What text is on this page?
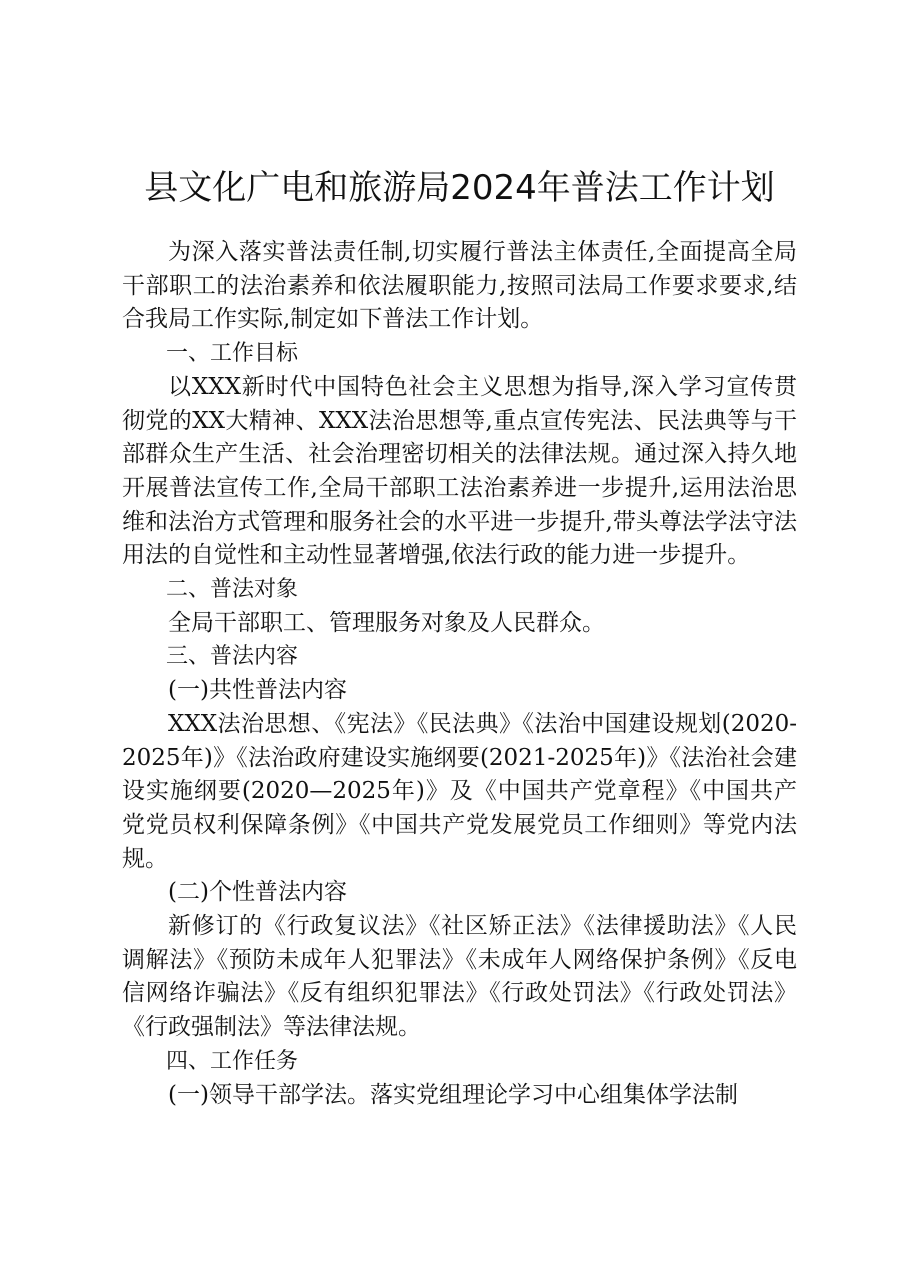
县文化广电和旅游局2024年普法工作计划

为深入落实普法责任制,切实履行普法主体责任,全面提高全局干部职工的法治素养和依法履职能力,按照司法局工作要求要求,结合我局工作实际,制定如下普法工作计划。

一、工作目标

以XXX新时代中国特色社会主义思想为指导,深入学习宣传贯彻党的XX大精神、XXX法治思想等,重点宣传宪法、民法典等与干部群众生产生活、社会治理密切相关的法律法规。通过深入持久地开展普法宣传工作,全局干部职工法治素养进一步提升,运用法治思维和法治方式管理和服务社会的水平进一步提升,带头尊法学法守法用法的自觉性和主动性显著增强,依法行政的能力进一步提升。

二、普法对象

全局干部职工、管理服务对象及人民群众。

三、普法内容

(一)共性普法内容

XXX法治思想、《宪法》《民法典》《法治中国建设规划(2020-2025年)》《法治政府建设实施纲要(2021-2025年)》《法治社会建设实施纲要(2020—2025年)》及《中国共产党章程》《中国共产党党员权利保障条例》《中国共产党发展党员工作细则》等党内法规。

(二)个性普法内容

新修订的《行政复议法》《社区矫正法》《法律援助法》《人民调解法》《预防未成年人犯罪法》《未成年人网络保护条例》《反电信网络诈骗法》《反有组织犯罪法》《行政处罚法》《行政处罚法》《行政强制法》等法律法规。

四、工作任务

(一)领导干部学法。落实党组理论学习中心组集体学法制
